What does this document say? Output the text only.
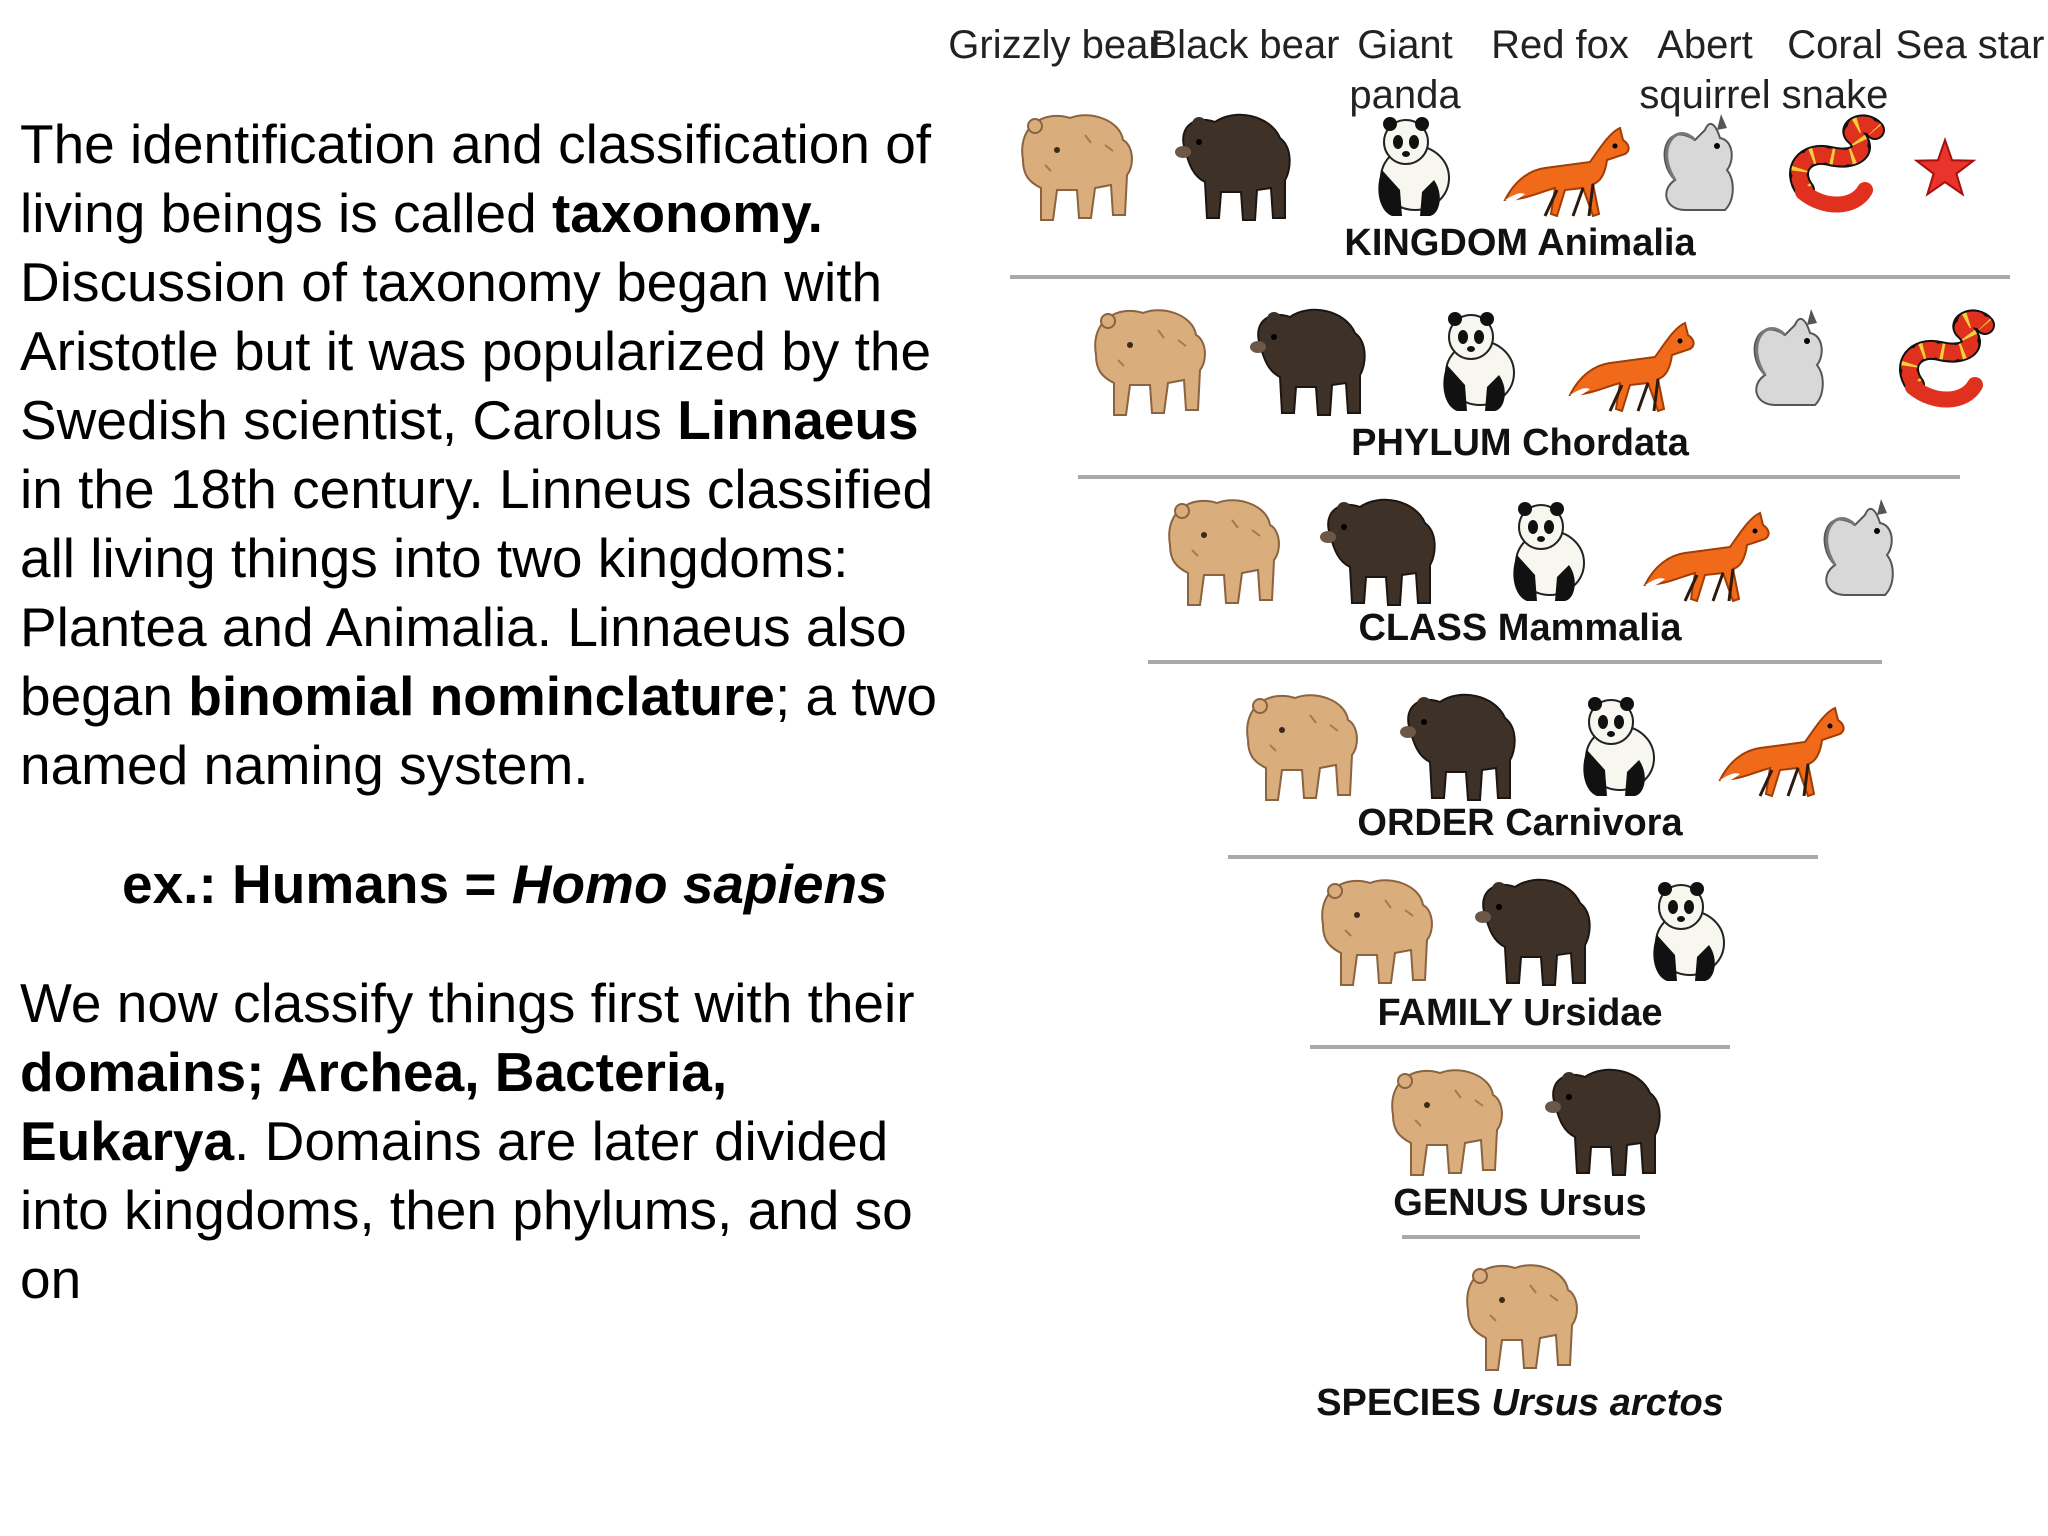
The identification and classification of living beings is called taxonomy. Discussion of taxonomy began with Aristotle but it was popularized by the Swedish scientist, Carolus Linnaeus in the 18th century. Linneus classified all living things into two kingdoms: Plantea and Animalia. Linnaeus also began binomial nominclature; a two named naming system.

ex.: Humans = Homo sapiens

We now classify things first with their domains; Archea, Bacteria, Eukarya. Domains are later divided into kingdoms, then phylums, and so on

Grizzly bear
Black bear Giant
panda
Red fox Abert
squirrel
Coral
snake
Sea star
KINGDOM Animalia
PHYLUM Chordata
CLASS Mammalia
ORDER Carnivora
FAMILY Ursidae
GENUS Ursus
SPECIES Ursus arctos
